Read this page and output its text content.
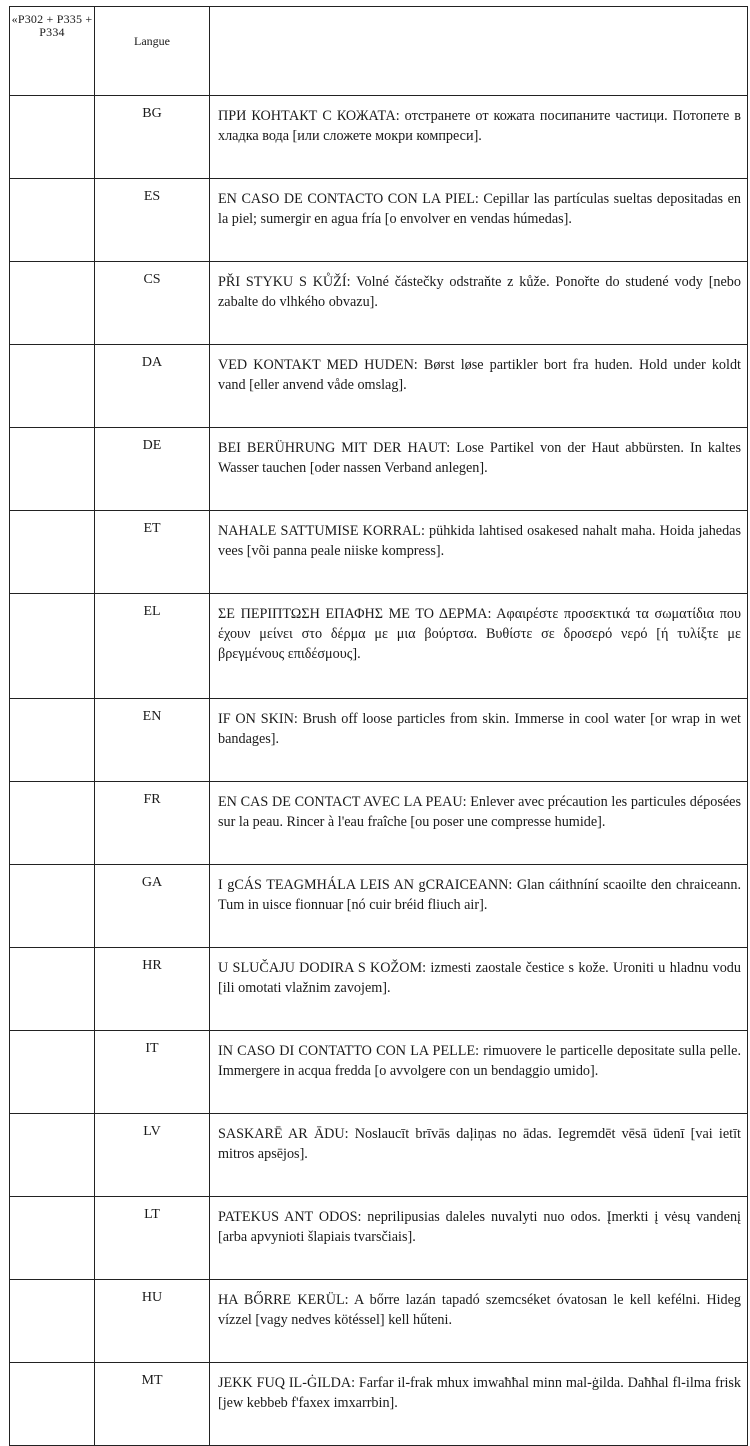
«P302 + P335 + P334	Langue	
	BG	ПРИ КОНТАКТ С КОЖАТА: отстранете от кожата посипаните частици. Потопете в хладка вода [или сложете мокри компреси].
	ES	EN CASO DE CONTACTO CON LA PIEL: Cepillar las partículas sueltas depositadas en la piel; sumergir en agua fría [o envolver en vendas húmedas].
	CS	PŘI STYKU S KŮŽÍ: Volné částečky odstraňte z kůže. Ponořte do studené vody [nebo zabalte do vlhkého obvazu].
	DA	VED KONTAKT MED HUDEN: Børst løse partikler bort fra huden. Hold under koldt vand [eller anvend våde omslag].
	DE	BEI BERÜHRUNG MIT DER HAUT: Lose Partikel von der Haut abbürsten. In kaltes Wasser tauchen [oder nassen Verband anlegen].
	ET	NAHALE SATTUMISE KORRAL: pühkida lahtised osakesed nahalt maha. Hoida jahedas vees [või panna peale niiske kompress].
	EL	ΣΕ ΠΕΡΙΠΤΩΣΗ ΕΠΑΦΗΣ ΜΕ ΤΟ ΔΕΡΜΑ: Αφαιρέστε προσεκτικά τα σωματίδια που έχουν μείνει στο δέρμα με μια βούρτσα. Βυθίστε σε δροσερό νερό [ή τυλίξτε με βρεγμένους επιδέσμους].
	EN	IF ON SKIN: Brush off loose particles from skin. Immerse in cool water [or wrap in wet bandages].
	FR	EN CAS DE CONTACT AVEC LA PEAU: Enlever avec précaution les particules déposées sur la peau. Rincer à l'eau fraîche [ou poser une compresse humide].
	GA	I gCÁS TEAGMHÁLA LEIS AN gCRAICEANN: Glan cáithníní scaoilte den chraiceann. Tum in uisce fionnuar [nó cuir bréid fliuch air].
	HR	U SLUČAJU DODIRA S KOŽOM: izmesti zaostale čestice s kože. Uroniti u hladnu vodu [ili omotati vlažnim zavojem].
	IT	IN CASO DI CONTATTO CON LA PELLE: rimuovere le particelle depositate sulla pelle. Immergere in acqua fredda [o avvolgere con un bendaggio umido].
	LV	SASKARĒ AR ĀDU: Noslaucīt brīvās daļiņas no ādas. Iegremdēt vēsā ūdenī [vai ietīt mitros apsējos].
	LT	PATEKUS ANT ODOS: neprilipusias daleles nuvalyti nuo odos. Įmerkti į vėsų vandenį [arba apvynioti šlapiais tvarsčiais].
	HU	HA BŐRRE KERÜL: A bőrre lazán tapadó szemcséket óvatosan le kell kefélni. Hideg vízzel [vagy nedves kötéssel] kell hűteni.
	MT	JEKK FUQ IL-ĠILDA: Farfar il-frak mhux imwaħħal minn mal-ġilda. Daħħal fl-ilma frisk [jew kebbeb f'faxex imxarrbin].
